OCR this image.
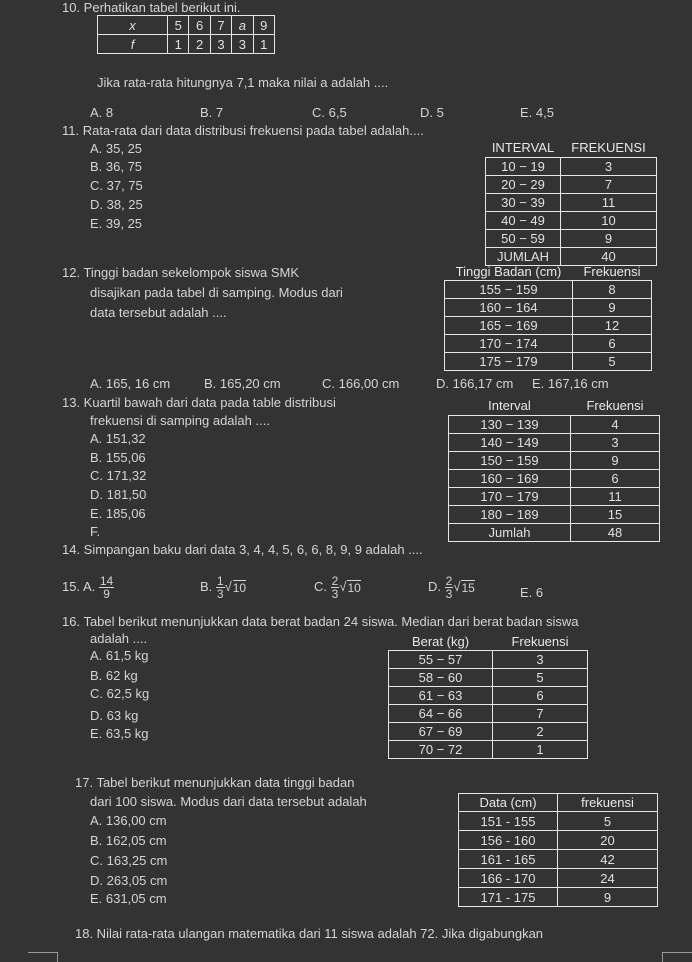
10. Perhatikan tabel berikut ini.
x	5	6	7	a	9
f	1	2	3	3	1
Jika rata-rata hitungnya 7,1 maka nilai a adalah ....
A. 8	B. 7	C. 6,5	D. 5	E. 4,5
11. Rata-rata dari data distribusi frekuensi pada tabel adalah....
A. 35, 25
B. 36, 75
C. 37, 75
D. 38, 25
E. 39, 25
INTERVAL	FREKUENSI
10 − 19	3
20 − 29	7
30 − 39	11
40 − 49	10
50 − 59	9
JUMLAH	40
12. Tinggi badan sekelompok siswa SMK
disajikan pada tabel di samping. Modus dari
data tersebut adalah ....
Tinggi Badan (cm)	Frekuensi
155 − 159	8
160 − 164	9
165 − 169	12
170 − 174	6
175 − 179	5
A. 165, 16 cm	B. 165,20 cm	C. 166,00 cm	D. 166,17 cm E. 167,16 cm
13. Kuartil bawah dari data pada table distribusi
frekuensi di samping adalah ....
A. 151,32
B. 155,06
C. 171,32
D. 181,50
E. 185,06
F.
Interval	Frekuensi
130 − 139	4
140 − 149	3
150 − 159	9
160 − 169	6
170 − 179	11
180 − 189	15
Jumlah	48
14. Simpangan baku dari data 3, 4, 4, 5, 6, 6, 8, 9, 9 adalah ....
15. A. $\frac{14}{9}$	B. $\frac{1}{3} √10$	C. $\frac{2}{3} √10$	D. $\frac{2}{3} √15$	E. 6
16. Tabel berikut menunjukkan data berat badan 24 siswa. Median dari berat badan siswa
adalah ....
A. 61,5 kg
B. 62 kg
C. 62,5 kg
D. 63 kg
E. 63,5 kg
Berat (kg)	Frekuensi
55 − 57	3
58 − 60	5
61 − 63	6
64 − 66	7
67 − 69	2
70 − 72	1
17. Tabel berikut menunjukkan data tinggi badan
dari 100 siswa. Modus dari data tersebut adalah
A. 136,00 cm
B. 162,05 cm
C. 163,25 cm
D. 263,05 cm
E. 631,05 cm
Data (cm)	frekuensi
151 - 155	5
156 - 160	20
161 - 165	42
166 - 170	24
171 - 175	9
18. Nilai rata-rata ulangan matematika dari 11 siswa adalah 72. Jika digabungkan
